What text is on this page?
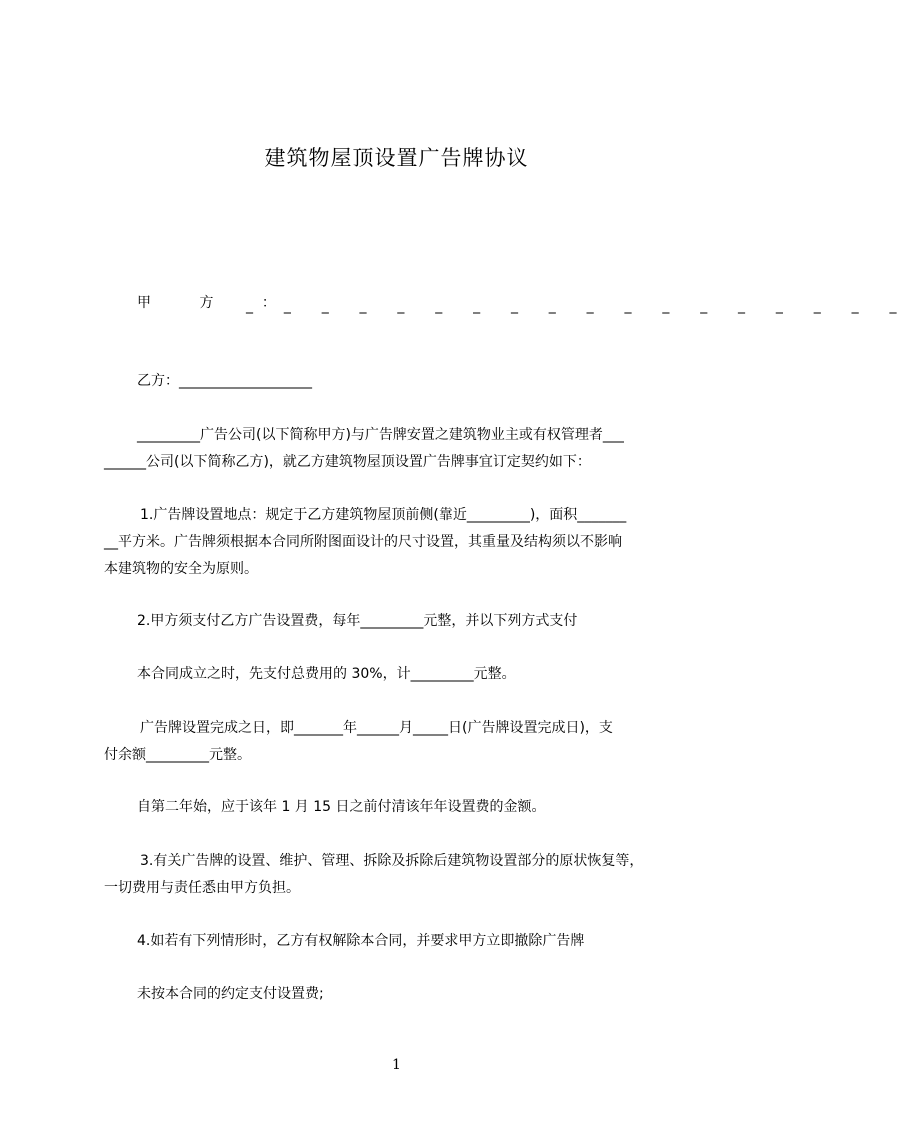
建筑物屋顶设置广告牌协议
甲 方 ：
_ _ _ _ _ _ _ _ _ _ _ _ _ _ _ _ _ _

乙方：___________________

_________广告公司(以下简称甲方)与广告牌安置之建筑物业主或有权管理者___

______公司(以下简称乙方)，就乙方建筑物屋顶设置广告牌事宜订定契约如下：

1.广告牌设置地点：规定于乙方建筑物屋顶前侧(靠近_________)，面积_______

__平方米。广告牌须根据本合同所附图面设计的尺寸设置，其重量及结构须以不影响

本建筑物的安全为原则。

2.甲方须支付乙方广告设置费，每年_________元整，并以下列方式支付

本合同成立之时，先支付总费用的 30%，计_________元整。

广告牌设置完成之日，即_______年______月_____日(广告牌设置完成日)，支

付余额_________元整。

自第二年始，应于该年 1 月 15 日之前付清该年年设置费的金额。

3.有关广告牌的设置、维护、管理、拆除及拆除后建筑物设置部分的原状恢复等，

一切费用与责任悉由甲方负担。

4.如若有下列情形时，乙方有权解除本合同，并要求甲方立即撤除广告牌

未按本合同的约定支付设置费;

1
